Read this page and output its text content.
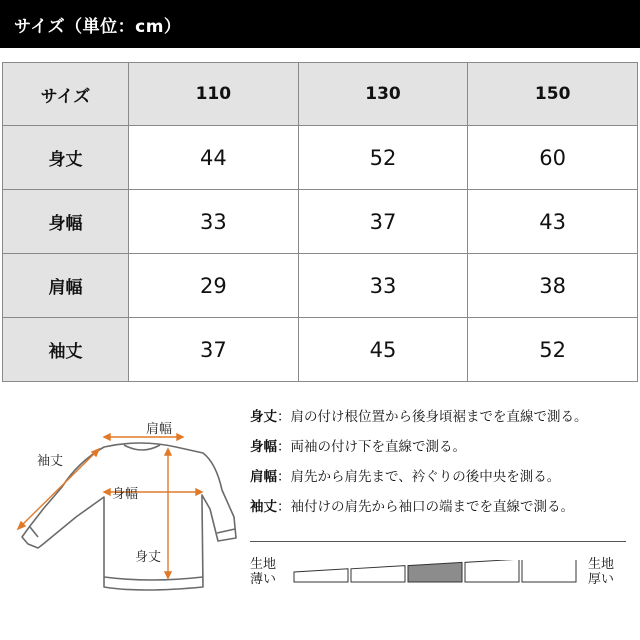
サイズ（単位：cm）
サイズ	110	130	150
身丈	44	52	60
身幅	33	37	43
肩幅	29	33	38
袖丈	37	45	52
肩幅
袖丈
身幅
身丈
身丈：肩の付け根位置から後身頃裾までを直線で測る。
身幅：両袖の付け下を直線で測る。
肩幅：肩先から肩先まで、衿ぐりの後中央を測る。
袖丈：袖付けの肩先から袖口の端までを直線で測る。
生地
薄い
生地
厚い
